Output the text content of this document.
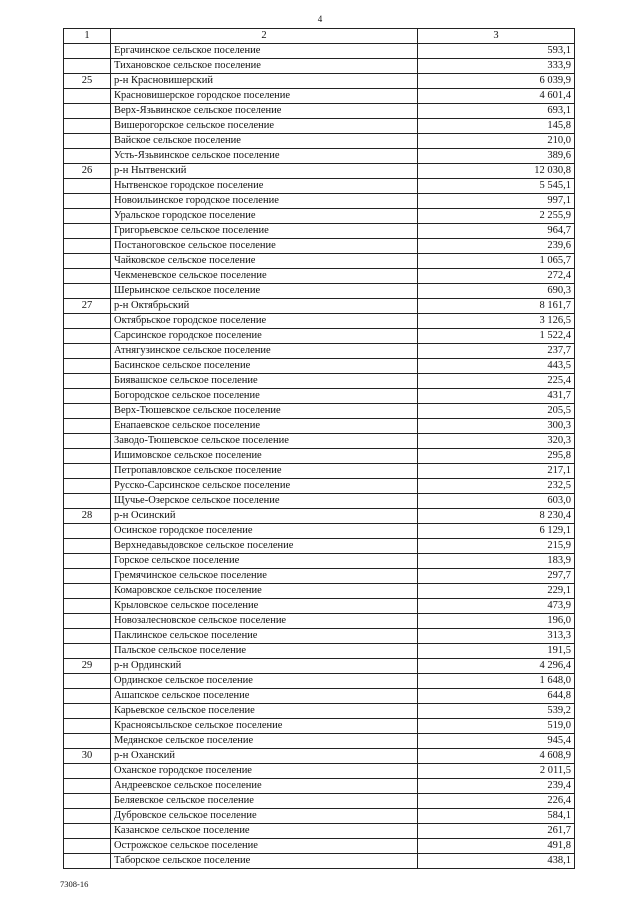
4
1	2	3
	Ергачинское сельское поселение	593,1
	Тихановское сельское поселение	333,9
25	р-н Красновишерский	6 039,9
	Красновишерское городское поселение	4 601,4
	Верх-Язьвинское сельское поселение	693,1
	Вишерогорское сельское поселение	145,8
	Вайское сельское поселение	210,0
	Усть-Язьвинское сельское поселение	389,6
26	р-н Нытвенский	12 030,8
	Нытвенское городское поселение	5 545,1
	Новоильинское городское поселение	997,1
	Уральское городское поселение	2 255,9
	Григорьевское сельское поселение	964,7
	Постаноговское сельское поселение	239,6
	Чайковское сельское поселение	1 065,7
	Чекменевское сельское поселение	272,4
	Шерьинское сельское поселение	690,3
27	р-н Октябрьский	8 161,7
	Октябрьское городское поселение	3 126,5
	Сарсинское городское поселение	1 522,4
	Атнягузинское сельское поселение	237,7
	Басинское сельское поселение	443,5
	Биявашское сельское поселение	225,4
	Богородское сельское поселение	431,7
	Верх-Тюшевское сельское поселение	205,5
	Енапаевское сельское поселение	300,3
	Заводо-Тюшевское сельское поселение	320,3
	Ишимовское сельское поселение	295,8
	Петропавловское сельское поселение	217,1
	Русско-Сарсинское сельское поселение	232,5
	Щучье-Озерское сельское поселение	603,0
28	р-н Осинский	8 230,4
	Осинское городское поселение	6 129,1
	Верхнедавыдовское сельское поселение	215,9
	Горское сельское поселение	183,9
	Гремячинское сельское поселение	297,7
	Комаровское сельское поселение	229,1
	Крыловское сельское поселение	473,9
	Новозалесновское сельское поселение	196,0
	Паклинское сельское поселение	313,3
	Пальское сельское поселение	191,5
29	р-н Ординский	4 296,4
	Ординское сельское поселение	1 648,0
	Ашапское сельское поселение	644,8
	Карьевское сельское поселение	539,2
	Красноясыльское сельское поселение	519,0
	Медянское сельское поселение	945,4
30	р-н Оханский	4 608,9
	Оханское городское поселение	2 011,5
	Андреевское сельское поселение	239,4
	Беляевское сельское поселение	226,4
	Дубровское сельское поселение	584,1
	Казанское сельское поселение	261,7
	Острожское сельское поселение	491,8
	Таборское сельское поселение	438,1
7308-16
